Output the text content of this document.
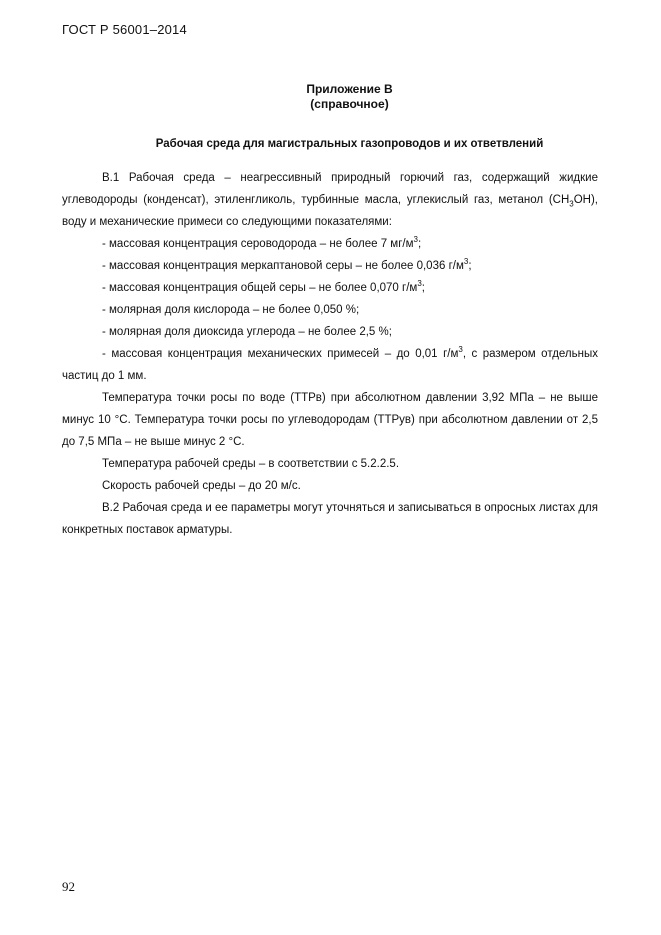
ГОСТ Р 56001–2014
Приложение В
(справочное)
Рабочая среда для магистральных газопроводов и их ответвлений

В.1 Рабочая среда – неагрессивный природный горючий газ, содержащий жидкие углеводороды (конденсат), этиленгликоль, турбинные масла, углекислый газ, метанол $(CH_3OH)$, воду и механические примеси со следующими показателями:

- массовая концентрация сероводорода – не более 7 $мг/м^3$;

- массовая концентрация меркаптановой серы – не более 0,036 $г/м^3$;

- массовая концентрация общей серы – не более 0,070 $г/м^3$;

- молярная доля кислорода – не более 0,050 %;

- молярная доля диоксида углерода – не более 2,5 %;

- массовая концентрация механических примесей – до 0,01 $г/м^3$, с размером отдельных частиц до 1 мм.

Температура точки росы по воде (ТТРв) при абсолютном давлении 3,92 МПа – не выше минус 10 °С. Температура точки росы по углеводородам (ТТРув) при абсолютном давлении от 2,5 до 7,5 МПа – не выше минус 2 °С.

Температура рабочей среды – в соответствии с 5.2.2.5.

Скорость рабочей среды – до 20 м/с.

В.2 Рабочая среда и ее параметры могут уточняться и записываться в опросных листах для конкретных поставок арматуры.

92
